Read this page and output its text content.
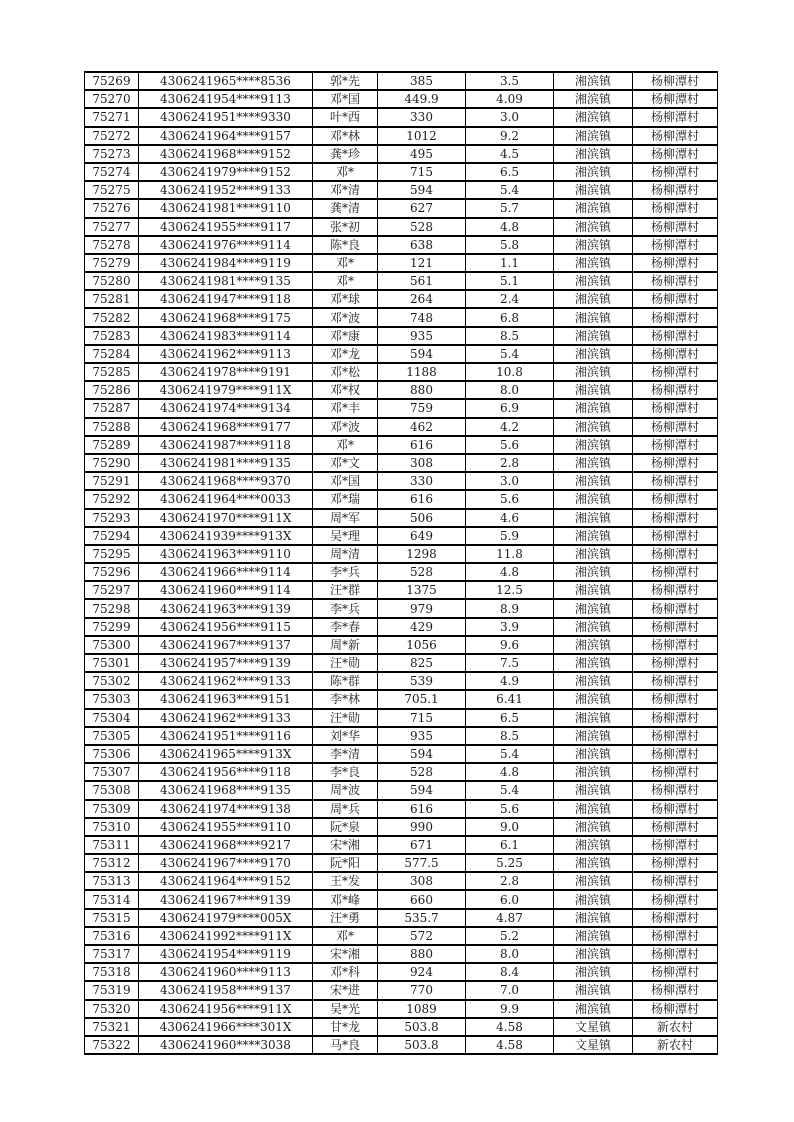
75269	4306241965****8536	郭*先	385	3.5	湘滨镇	杨柳潭村
75270	4306241954****9113	邓*国	449.9	4.09	湘滨镇	杨柳潭村
75271	4306241951****9330	叶*西	330	3.0	湘滨镇	杨柳潭村
75272	4306241964****9157	邓*林	1012	9.2	湘滨镇	杨柳潭村
75273	4306241968****9152	龚*珍	495	4.5	湘滨镇	杨柳潭村
75274	4306241979****9152	邓*	715	6.5	湘滨镇	杨柳潭村
75275	4306241952****9133	邓*清	594	5.4	湘滨镇	杨柳潭村
75276	4306241981****9110	龚*清	627	5.7	湘滨镇	杨柳潭村
75277	4306241955****9117	张*初	528	4.8	湘滨镇	杨柳潭村
75278	4306241976****9114	陈*良	638	5.8	湘滨镇	杨柳潭村
75279	4306241984****9119	邓*	121	1.1	湘滨镇	杨柳潭村
75280	4306241981****9135	邓*	561	5.1	湘滨镇	杨柳潭村
75281	4306241947****9118	邓*球	264	2.4	湘滨镇	杨柳潭村
75282	4306241968****9175	邓*波	748	6.8	湘滨镇	杨柳潭村
75283	4306241983****9114	邓*康	935	8.5	湘滨镇	杨柳潭村
75284	4306241962****9113	邓*龙	594	5.4	湘滨镇	杨柳潭村
75285	4306241978****9191	邓*松	1188	10.8	湘滨镇	杨柳潭村
75286	4306241979****911X	邓*权	880	8.0	湘滨镇	杨柳潭村
75287	4306241974****9134	邓*丰	759	6.9	湘滨镇	杨柳潭村
75288	4306241968****9177	邓*波	462	4.2	湘滨镇	杨柳潭村
75289	4306241987****9118	邓*	616	5.6	湘滨镇	杨柳潭村
75290	4306241981****9135	邓*文	308	2.8	湘滨镇	杨柳潭村
75291	4306241968****9370	邓*国	330	3.0	湘滨镇	杨柳潭村
75292	4306241964****0033	邓*瑞	616	5.6	湘滨镇	杨柳潭村
75293	4306241970****911X	周*军	506	4.6	湘滨镇	杨柳潭村
75294	4306241939****913X	吴*理	649	5.9	湘滨镇	杨柳潭村
75295	4306241963****9110	周*清	1298	11.8	湘滨镇	杨柳潭村
75296	4306241966****9114	李*兵	528	4.8	湘滨镇	杨柳潭村
75297	4306241960****9114	汪*群	1375	12.5	湘滨镇	杨柳潭村
75298	4306241963****9139	李*兵	979	8.9	湘滨镇	杨柳潭村
75299	4306241956****9115	李*春	429	3.9	湘滨镇	杨柳潭村
75300	4306241967****9137	周*新	1056	9.6	湘滨镇	杨柳潭村
75301	4306241957****9139	汪*勋	825	7.5	湘滨镇	杨柳潭村
75302	4306241962****9133	陈*群	539	4.9	湘滨镇	杨柳潭村
75303	4306241963****9151	李*林	705.1	6.41	湘滨镇	杨柳潭村
75304	4306241962****9133	汪*勋	715	6.5	湘滨镇	杨柳潭村
75305	4306241951****9116	刘*华	935	8.5	湘滨镇	杨柳潭村
75306	4306241965****913X	李*清	594	5.4	湘滨镇	杨柳潭村
75307	4306241956****9118	李*良	528	4.8	湘滨镇	杨柳潭村
75308	4306241968****9135	周*波	594	5.4	湘滨镇	杨柳潭村
75309	4306241974****9138	周*兵	616	5.6	湘滨镇	杨柳潭村
75310	4306241955****9110	阮*泉	990	9.0	湘滨镇	杨柳潭村
75311	4306241968****9217	宋*湘	671	6.1	湘滨镇	杨柳潭村
75312	4306241967****9170	阮*阳	577.5	5.25	湘滨镇	杨柳潭村
75313	4306241964****9152	王*发	308	2.8	湘滨镇	杨柳潭村
75314	4306241967****9139	邓*峰	660	6.0	湘滨镇	杨柳潭村
75315	4306241979****005X	汪*勇	535.7	4.87	湘滨镇	杨柳潭村
75316	4306241992****911X	邓*	572	5.2	湘滨镇	杨柳潭村
75317	4306241954****9119	宋*湘	880	8.0	湘滨镇	杨柳潭村
75318	4306241960****9113	邓*科	924	8.4	湘滨镇	杨柳潭村
75319	4306241958****9137	宋*进	770	7.0	湘滨镇	杨柳潭村
75320	4306241956****911X	吴*光	1089	9.9	湘滨镇	杨柳潭村
75321	4306241966****301X	甘*龙	503.8	4.58	文星镇	新农村
75322	4306241960****3038	马*良	503.8	4.58	文星镇	新农村
